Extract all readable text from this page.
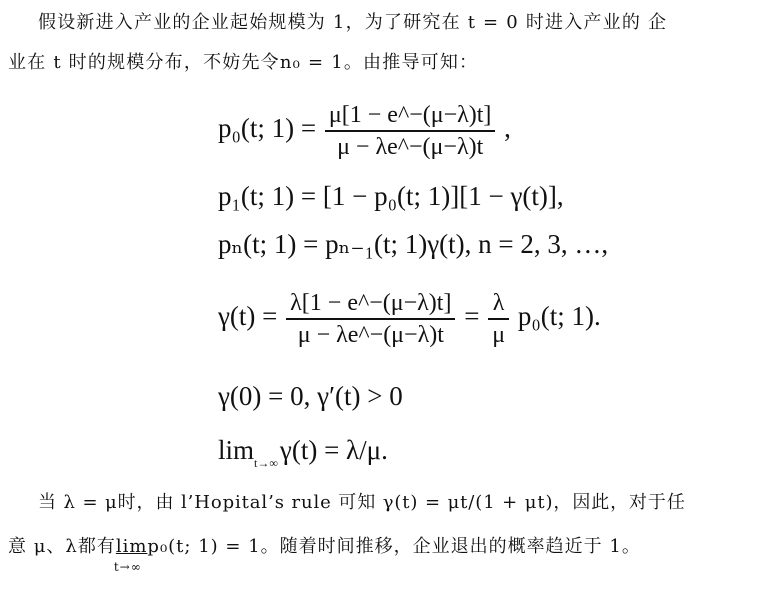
假设新进入产业的企业起始规模为 1，为了研究在 t = 0 时进入产业的 企
业在 t 时的规模分布，不妨先令n₀ = 1。由推导可知：
p₀(t; $1) = \frac{\mu[1 - e\^{}-(\mu-\lambda)t]}{\mu - \lambda e\^{}-(\mu-\lambda)t}$ ,
p₁(t; 1) = [1 − p₀(t; 1)][1 − γ(t)],
pₙ(t; 1) = pₙ₋₁(t; 1)γ(t), n = 2, 3, …,
$\gamma(t) = \frac{\lambda[1 - e\^{}-(\mu-\lambda)t]}{\mu - \lambda e\^{}-(\mu-\lambda)t} = \frac{\lambda}{\mu} p_0(t$; 1).
γ(0) = 0, γ′(t) > 0
$\lim_{t\to\infty}\gamma(t) = \lambda/\mu$.
当 λ = μ时，由 l’Hopital’s rule 可知 γ(t) = μt/(1 + μt)，因此，对于任
意 μ、λ都有lim
t→∞
p₀(t; 1) = 1。随着时间推移，企业退出的概率趋近于 1。
